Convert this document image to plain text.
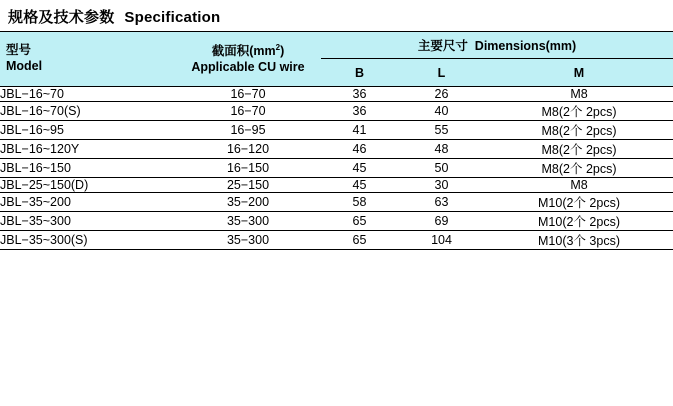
规格及技术参数 Specification
型号
Model

截面积$(mm^2)$
Applicable CU wire
	主要尺寸 Dimensions(mm)
		B	L	M
JBL−16~70	16−70	36	26	M8
JBL−16~70(S)	16−70	36	40	M8(2个 2pcs)
JBL−16~95	16−95	41	55	M8(2个 2pcs)
JBL−16~120Y	16−120	46	48	M8(2个 2pcs)
JBL−16~150	16−150	45	50	M8(2个 2pcs)
JBL−25~150(D)	25−150	45	30	M8
JBL−35~200	35−200	58	63	M10(2个 2pcs)
JBL−35~300	35−300	65	69	M10(2个 2pcs)
JBL−35~300(S)	35−300	65	104	M10(3个 3pcs)
